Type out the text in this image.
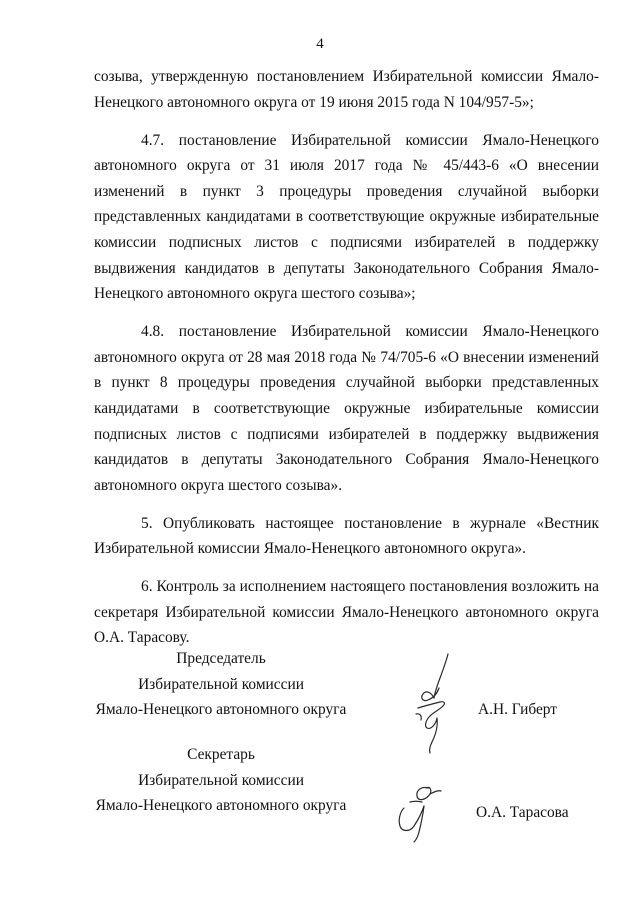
4

созыва, утвержденную постановлением Избирательной комиссии Ямало-Ненецкого автономного округа от 19 июня 2015 года N 104/957-5»;

4.7. постановление Избирательной комиссии Ямало-Ненецкого автономного округа от 31 июля 2017 года № 45/443-6 «О внесении изменений в пункт 3 процедуры проведения случайной выборки представленных кандидатами в соответствующие окружные избирательные комиссии подписных листов с подписями избирателей в поддержку выдвижения кандидатов в депутаты Законодательного Собрания Ямало-Ненецкого автономного округа шестого созыва»;

4.8. постановление Избирательной комиссии Ямало-Ненецкого автономного округа от 28 мая 2018 года № 74/705-6 «О внесении изменений в пункт 8 процедуры проведения случайной выборки представленных кандидатами в соответствующие окружные избирательные комиссии подписных листов с подписями избирателей в поддержку выдвижения кандидатов в депутаты Законодательного Собрания Ямало-Ненецкого автономного округа шестого созыва».

5. Опубликовать настоящее постановление в журнале «Вестник Избирательной комиссии Ямало-Ненецкого автономного округа».

6. Контроль за исполнением настоящего постановления возложить на секретаря Избирательной комиссии Ямало-Ненецкого автономного округа О.А. Тарасову.

Председатель
Избирательной комиссии
Ямало-Ненецкого автономного округа	А.Н. Гиберт
Секретарь
Избирательной комиссии
Ямало-Ненецкого автономного округа	О.А. Тарасова
